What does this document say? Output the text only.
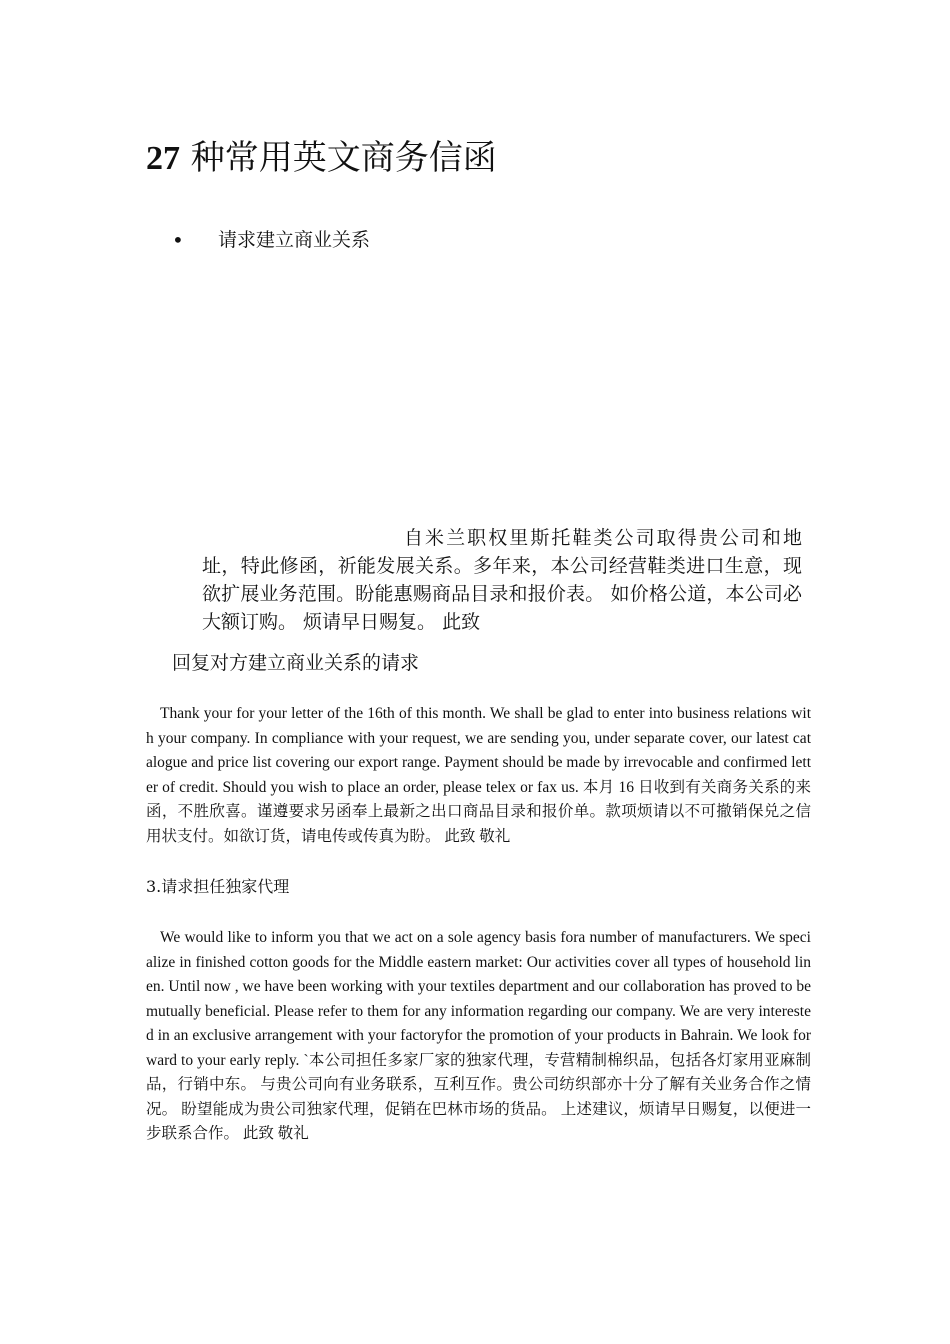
27 种常用英文商务信函
• 请求建立商业关系

自米兰职权里斯托鞋类公司取得贵公司和地址，特此修函，祈能发展关系。多年来，本公司经营鞋类进口生意，现欲扩展业务范围。盼能惠赐商品目录和报价表。 如价格公道，本公司必大额订购。 烦请早日赐复。 此致

回复对方建立商业关系的请求

Thank your for your letter of the 16th of this month. We shall be glad to enter into business relations with your company. In compliance with your request, we are sending you, under separate cover, our latest catalogue and price list covering our export range. Payment should be made by irrevocable and confirmed letter of credit. Should you wish to place an order, please telex or fax us. 本月 16 日收到有关商务关系的来函，不胜欣喜。谨遵要求另函奉上最新之出口商品目录和报价单。款项烦请以不可撤销保兑之信用状支付。如欲订货，请电传或传真为盼。 此致 敬礼

3.请求担任独家代理

We would like to inform you that we act on a sole agency basis fora number of manufacturers. We specialize in finished cotton goods for the Middle eastern market: Our activities cover all types of household linen. Until now , we have been working with your textiles department and our collaboration has proved to be mutually beneficial. Please refer to them for any information regarding our company. We are very interested in an exclusive arrangement with your factoryfor the promotion of your products in Bahrain. We look forward to your early reply. `本公司担任多家厂家的独家代理，专营精制棉织品，包括各灯家用亚麻制品，行销中东。 与贵公司向有业务联系，互利互作。贵公司纺织部亦十分了解有关业务合作之情况。 盼望能成为贵公司独家代理，促销在巴林市场的货品。 上述建议，烦请早日赐复，以便进一步联系合作。 此致 敬礼
